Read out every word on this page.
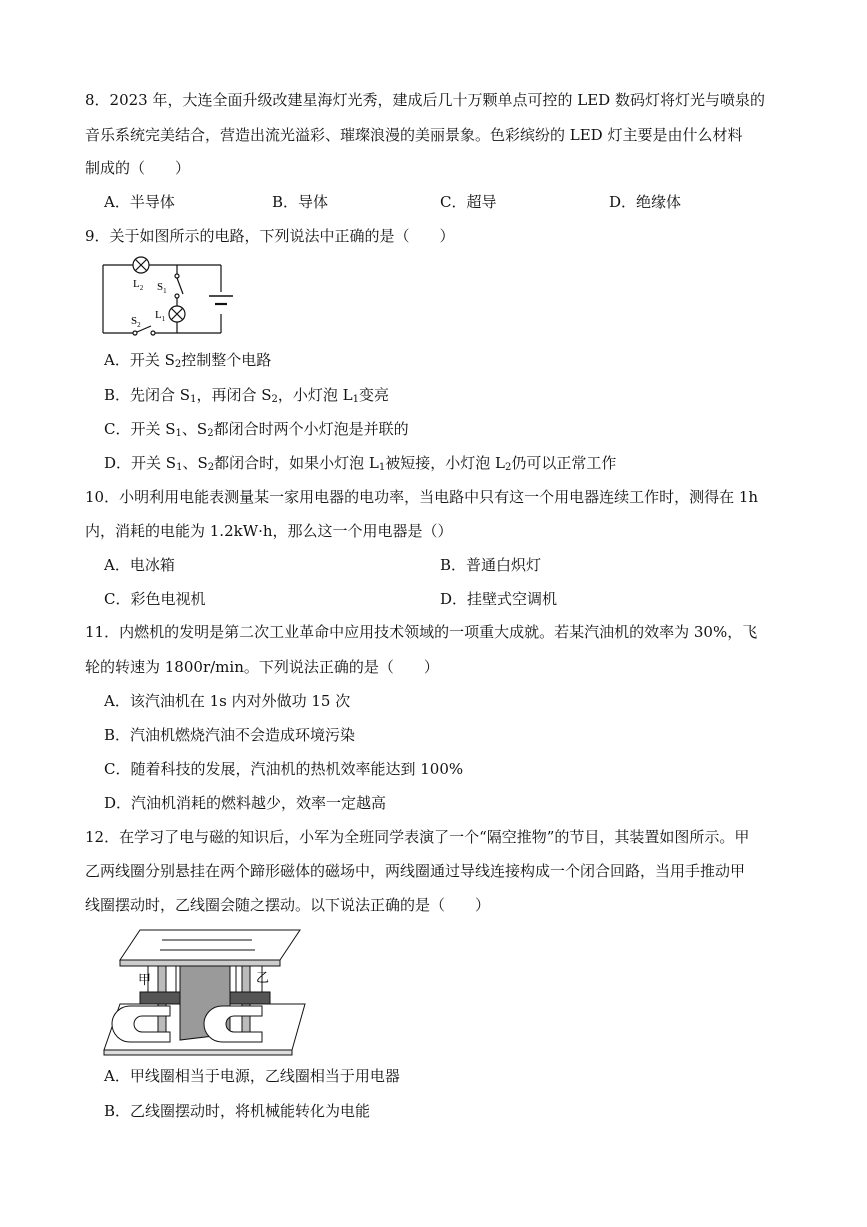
8．2023 年，大连全面升级改建星海灯光秀，建成后几十万颗单点可控的 LED 数码灯将灯光与喷泉的
音乐系统完美结合，营造出流光溢彩、璀璨浪漫的美丽景象。色彩缤纷的 LED 灯主要是由什么材料
制成的（　　）
A．半导体	B．导体	C．超导	D．绝缘体
9．关于如图所示的电路，下列说法中正确的是（　　）
$L_2$ $S_1$
$L_1$
$S_2$
A．开关 $S_2$控制整个电路
B．先闭合 $S_1$，再闭合 $S_2$，小灯泡 $L_1$变亮
C．开关 $S_1$、$S_2$都闭合时两个小灯泡是并联的
D．开关 $S_1$、$S_2$都闭合时，如果小灯泡 $L_1$被短接，小灯泡 $L_2$仍可以正常工作
10．小明利用电能表测量某一家用电器的电功率，当电路中只有这一个用电器连续工作时，测得在 1h
内，消耗的电能为 1.2kW·h，那么这一个用电器是（）
A．电冰箱	B．普通白炽灯
C．彩色电视机	D．挂壁式空调机
11．内燃机的发明是第二次工业革命中应用技术领域的一项重大成就。若某汽油机的效率为 30%，飞
轮的转速为 1800r/min。下列说法正确的是（　　）
A．该汽油机在 1s 内对外做功 15 次
B．汽油机燃烧汽油不会造成环境污染
C．随着科技的发展，汽油机的热机效率能达到 100%
D．汽油机消耗的燃料越少，效率一定越高
12．在学习了电与磁的知识后，小军为全班同学表演了一个“隔空推物”的节目，其装置如图所示。甲
乙两线圈分别悬挂在两个蹄形磁体的磁场中，两线圈通过导线连接构成一个闭合回路，当用手推动甲
线圈摆动时，乙线圈会随之摆动。以下说法正确的是（　　）
甲	乙
A．甲线圈相当于电源，乙线圈相当于用电器
B．乙线圈摆动时，将机械能转化为电能
